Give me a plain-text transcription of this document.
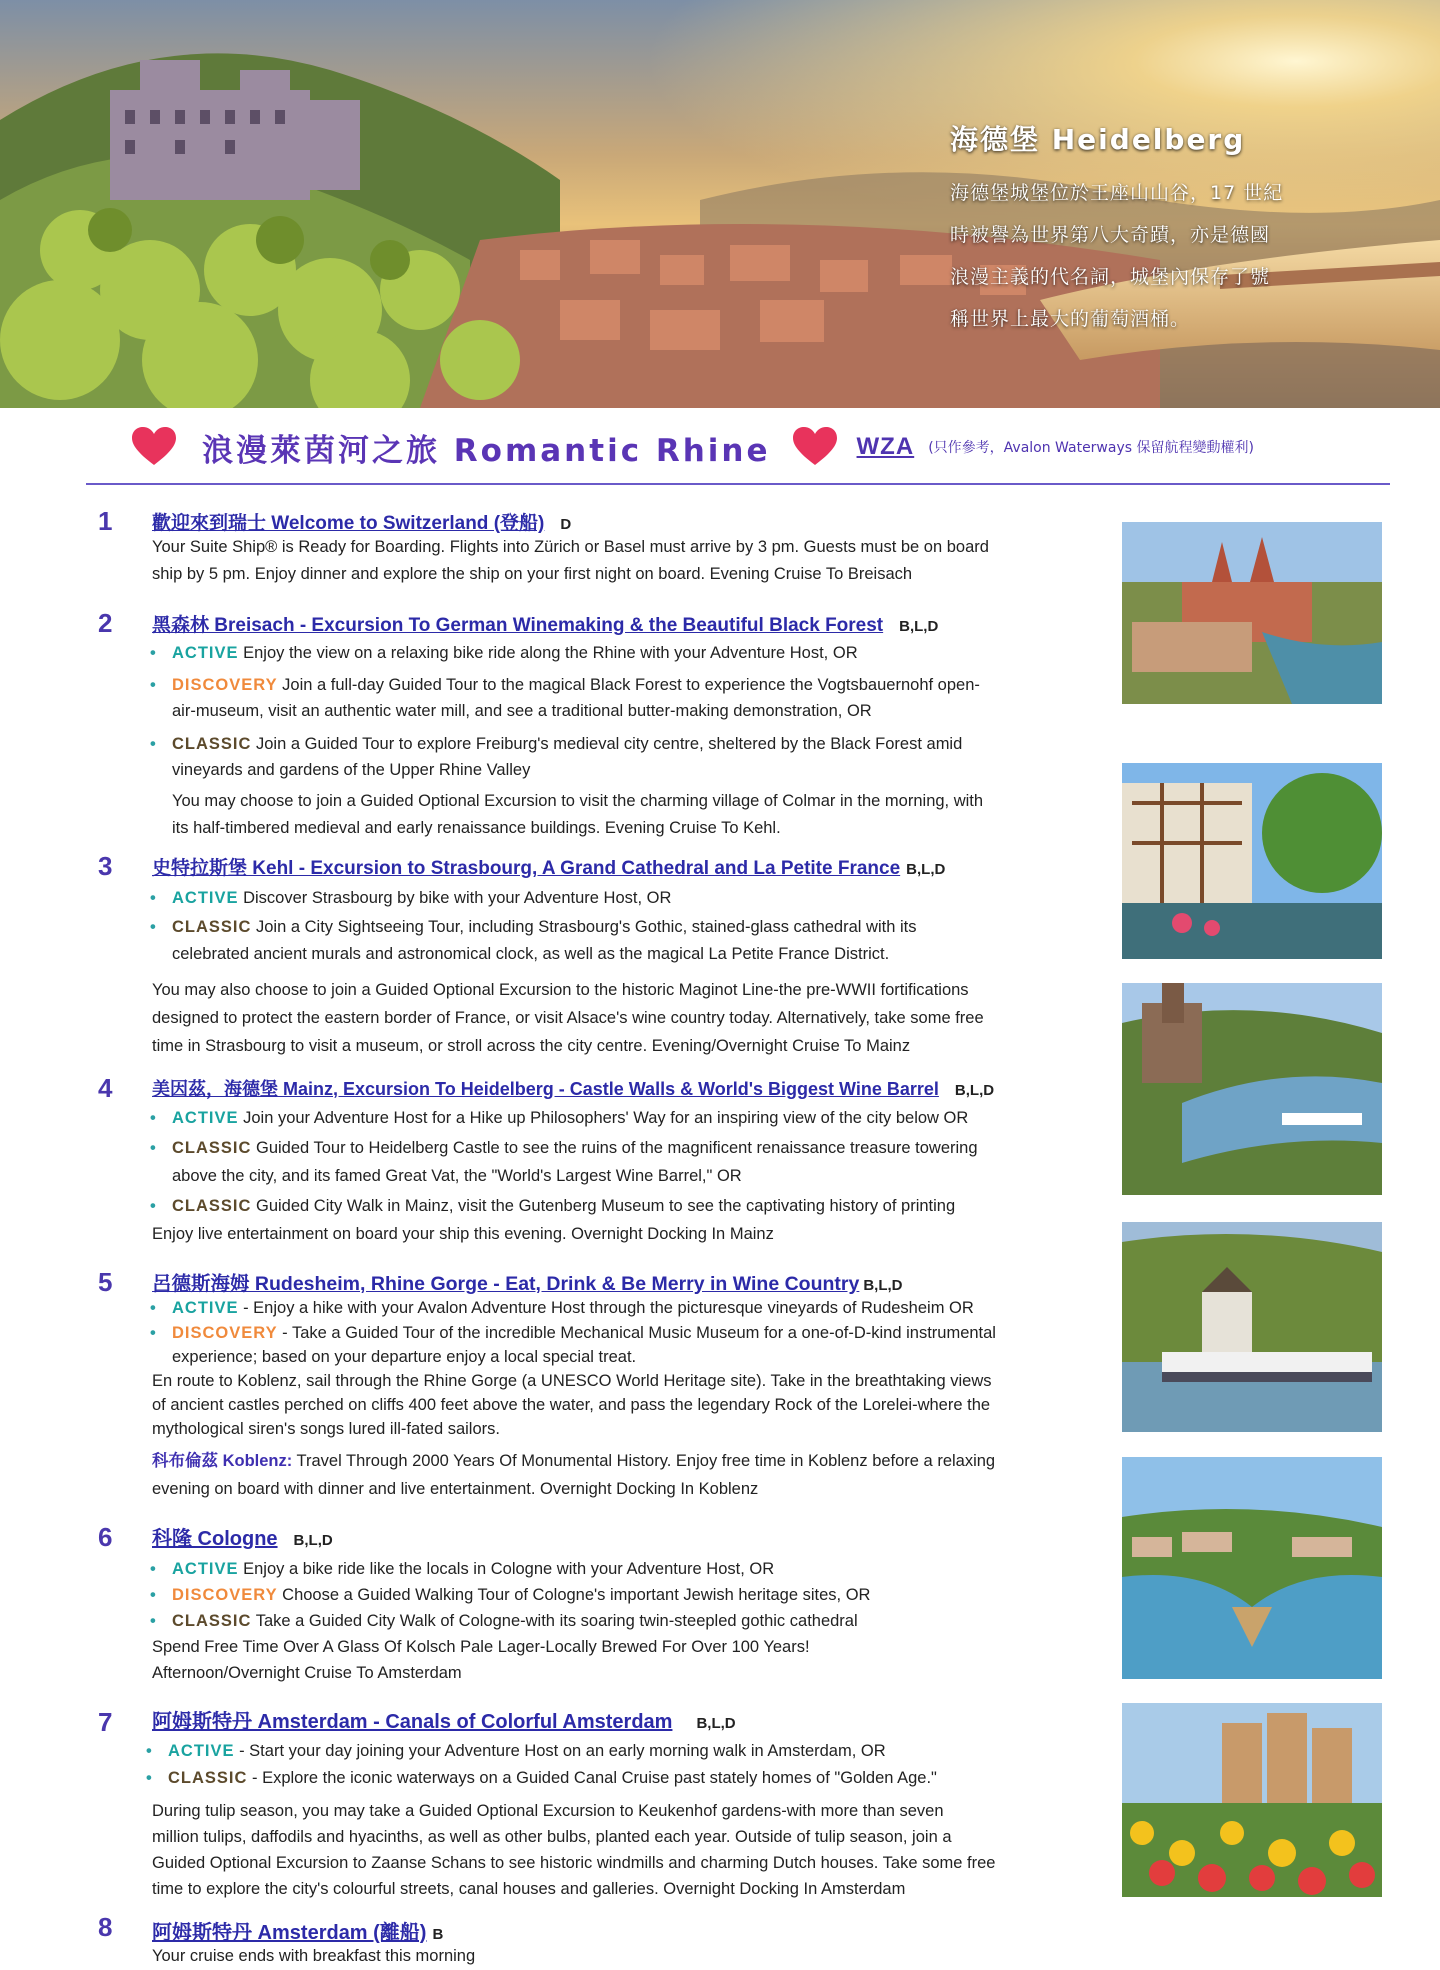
海德堡 Heidelberg
海德堡城堡位於王座山山谷，17 世紀
時被譽為世界第八大奇蹟，亦是德國
浪漫主義的代名詞，城堡內保存了號
稱世界上最大的葡萄酒桶。
浪漫萊茵河之旅 Romantic Rhine	WZA (只作參考，Avalon Waterways 保留航程變動權利)
1 歡迎來到瑞士 Welcome to Switzerland (登船) D
Your Suite Ship® is Ready for Boarding. Flights into Zürich or Basel must arrive by 3 pm. Guests must be on board
ship by 5 pm. Enjoy dinner and explore the ship on your first night on board. Evening Cruise To Breisach
2 黑森林 Breisach - Excursion To German Winemaking & the Beautiful Black Forest B,L,D
• ACTIVE Enjoy the view on a relaxing bike ride along the Rhine with your Adventure Host, OR
• DISCOVERY Join a full-day Guided Tour to the magical Black Forest to experience the Vogtsbauernohf open-
air-museum, visit an authentic water mill, and see a traditional butter-making demonstration, OR
• CLASSIC Join a Guided Tour to explore Freiburg's medieval city centre, sheltered by the Black Forest amid
vineyards and gardens of the Upper Rhine Valley
You may choose to join a Guided Optional Excursion to visit the charming village of Colmar in the morning, with
its half-timbered medieval and early renaissance buildings. Evening Cruise To Kehl.
3 史特拉斯堡 Kehl - Excursion to Strasbourg, A Grand Cathedral and La Petite France B,L,D
• ACTIVE Discover Strasbourg by bike with your Adventure Host, OR
• CLASSIC Join a City Sightseeing Tour, including Strasbourg's Gothic, stained-glass cathedral with its
celebrated ancient murals and astronomical clock, as well as the magical La Petite France District.
You may also choose to join a Guided Optional Excursion to the historic Maginot Line-the pre-WWII fortifications
designed to protect the eastern border of France, or visit Alsace's wine country today. Alternatively, take some free
time in Strasbourg to visit a museum, or stroll across the city centre. Evening/Overnight Cruise To Mainz
4 美因茲，海德堡 Mainz, Excursion To Heidelberg - Castle Walls & World's Biggest Wine Barrel B,L,D
• ACTIVE Join your Adventure Host for a Hike up Philosophers' Way for an inspiring view of the city below OR
• CLASSIC Guided Tour to Heidelberg Castle to see the ruins of the magnificent renaissance treasure towering
above the city, and its famed Great Vat, the "World's Largest Wine Barrel," OR
• CLASSIC Guided City Walk in Mainz, visit the Gutenberg Museum to see the captivating history of printing
Enjoy live entertainment on board your ship this evening. Overnight Docking In Mainz
5 呂德斯海姆 Rudesheim, Rhine Gorge - Eat, Drink & Be Merry in Wine Country B,L,D
• ACTIVE - Enjoy a hike with your Avalon Adventure Host through the picturesque vineyards of Rudesheim OR
• DISCOVERY - Take a Guided Tour of the incredible Mechanical Music Museum for a one-of-D-kind instrumental
experience; based on your departure enjoy a local special treat.
En route to Koblenz, sail through the Rhine Gorge (a UNESCO World Heritage site). Take in the breathtaking views
of ancient castles perched on cliffs 400 feet above the water, and pass the legendary Rock of the Lorelei-where the
mythological siren's songs lured ill-fated sailors.
科布倫茲 Koblenz: Travel Through 2000 Years Of Monumental History. Enjoy free time in Koblenz before a relaxing
evening on board with dinner and live entertainment. Overnight Docking In Koblenz
6 科隆 Cologne B,L,D
• ACTIVE Enjoy a bike ride like the locals in Cologne with your Adventure Host, OR
• DISCOVERY Choose a Guided Walking Tour of Cologne's important Jewish heritage sites, OR
• CLASSIC Take a Guided City Walk of Cologne-with its soaring twin-steepled gothic cathedral
Spend Free Time Over A Glass Of Kolsch Pale Lager-Locally Brewed For Over 100 Years!
Afternoon/Overnight Cruise To Amsterdam
7 阿姆斯特丹 Amsterdam - Canals of Colorful Amsterdam B,L,D
• ACTIVE - Start your day joining your Adventure Host on an early morning walk in Amsterdam, OR
• CLASSIC - Explore the iconic waterways on a Guided Canal Cruise past stately homes of "Golden Age."
During tulip season, you may take a Guided Optional Excursion to Keukenhof gardens-with more than seven
million tulips, daffodils and hyacinths, as well as other bulbs, planted each year. Outside of tulip season, join a
Guided Optional Excursion to Zaanse Schans to see historic windmills and charming Dutch houses. Take some free
time to explore the city's colourful streets, canal houses and galleries. Overnight Docking In Amsterdam
8 阿姆斯特丹 Amsterdam (離船) B
Your cruise ends with breakfast this morning
